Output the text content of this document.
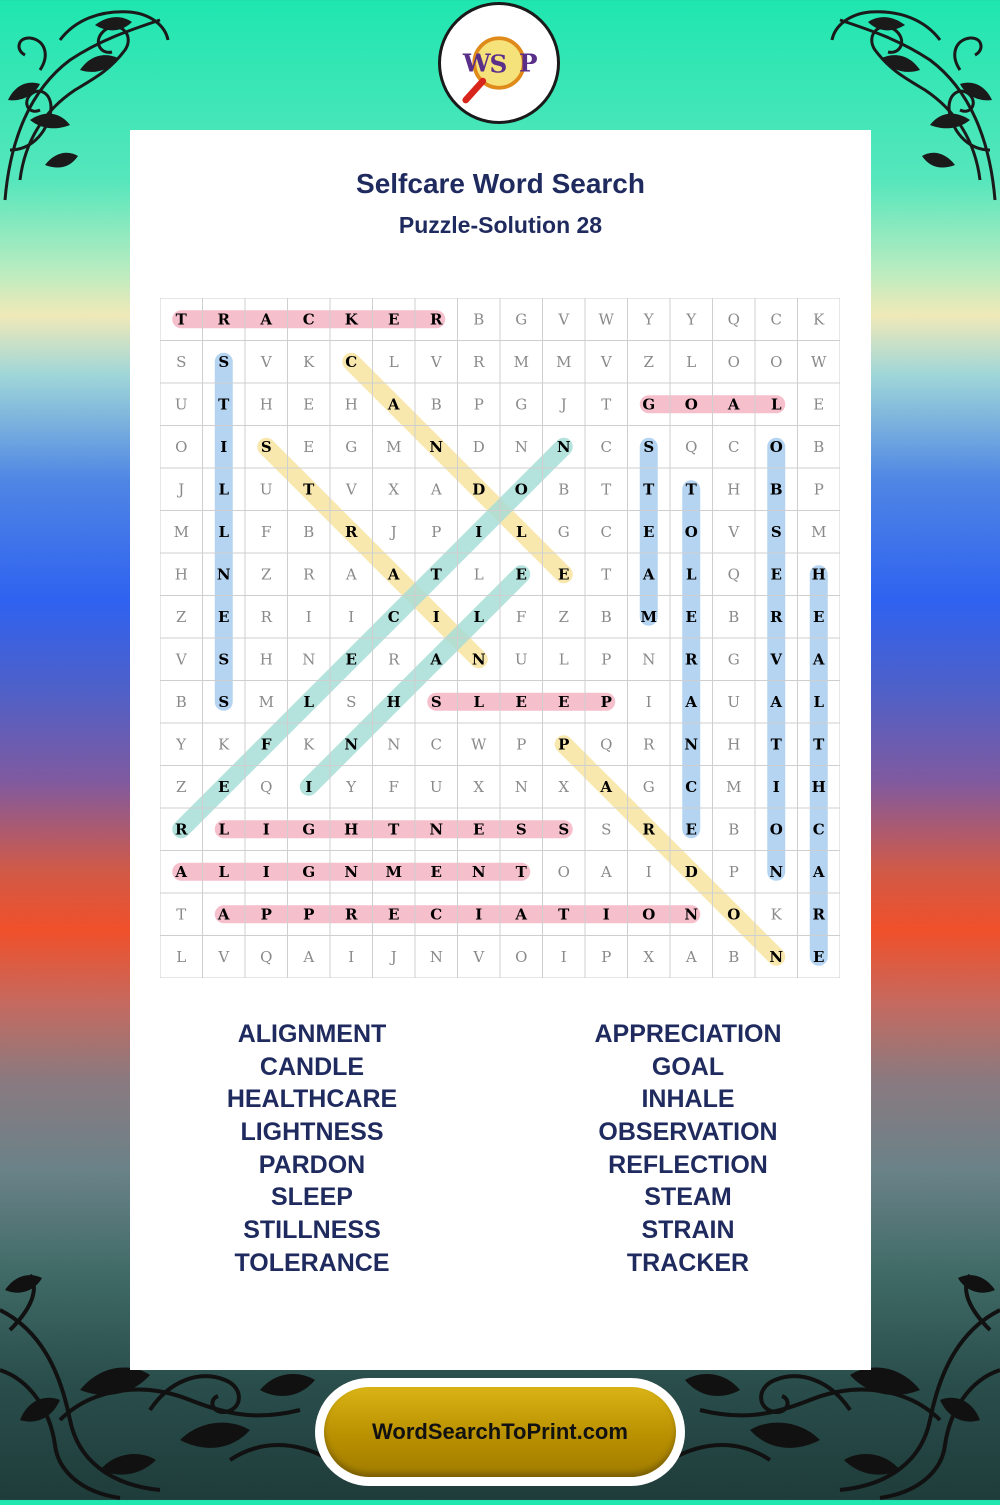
W
S P
Selfcare Word Search
Puzzle-Solution 28
T R A C K E R B G V W Y Y Q C K
S S V K C L V R M M V Z L O O W
U T H E H A B P G J T G O A L E
O I S E G M N D N N C S Q C O B
J L U T V X A D O B T T T H B P
M L F B R J P I L G C E O V S M
H N Z R A A T L E E T A L Q E H
Z E R I I C I L F Z B M E B R E
V S H N E R A N U L P N R G V A
B S M L S H S L E E P I A U A L
Y K F K N N C W P P Q R N H T T
Z E Q I Y F U X N X A G C M I H
R L I G H T N E S S S R E B O C
A L I G N M E N T O A I D P N A
T A P P R E C I A T I O N O K R
L V Q A I J N V O I P X A B N E
ALIGNMENT
CANDLE
HEALTHCARE
LIGHTNESS
PARDON
SLEEP
STILLNESS
TOLERANCE
APPRECIATION
GOAL
INHALE
OBSERVATION
REFLECTION
STEAM
STRAIN
TRACKER
WordSearchToPrint.com
